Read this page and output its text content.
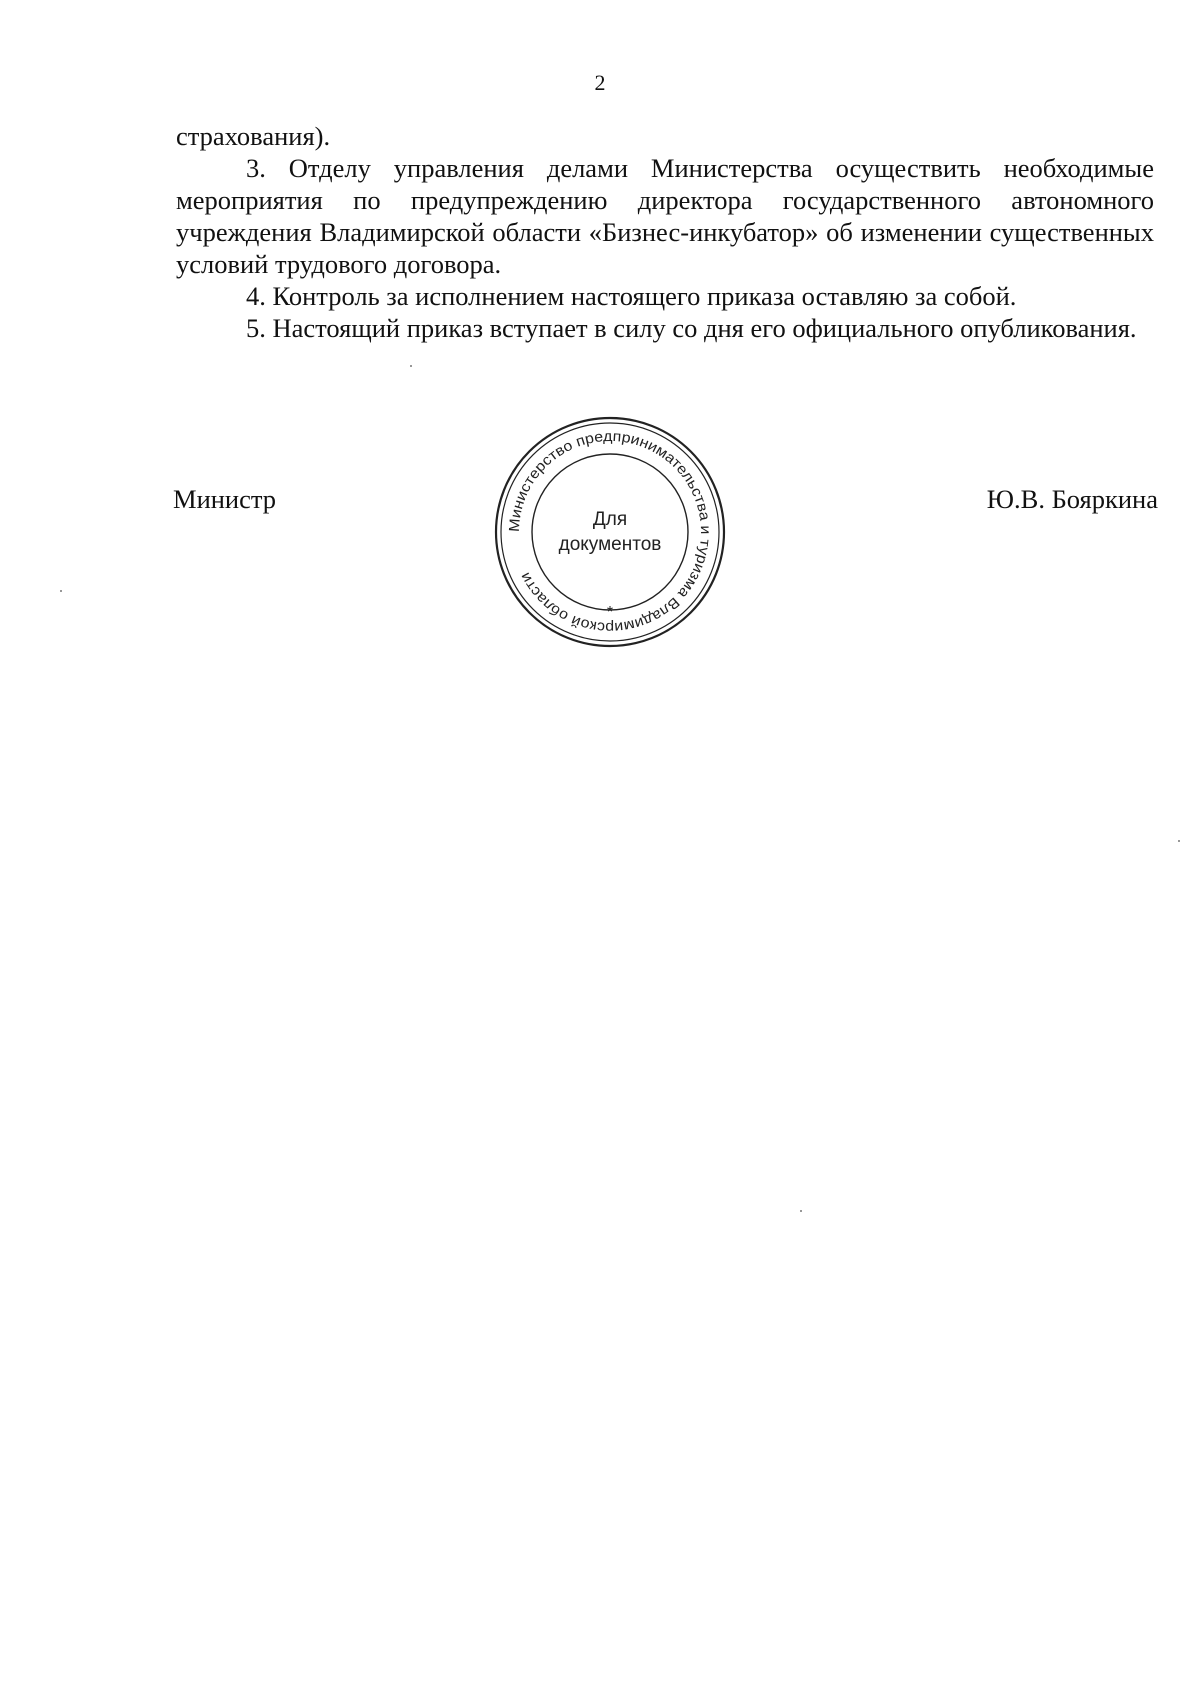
2

страхования).

3. Отделу управления делами Министерства осуществить необходимые мероприятия по предупреждению директора государственного автономного учреждения Владимирской области «Бизнес-инкубатор» об изменении существенных условий трудового договора.

4. Контроль за исполнением настоящего приказа оставляю за собой.

5. Настоящий приказ вступает в силу со дня его официального опубликования.

Министр
Министерство предпринимательства и туризма Владимирской области
*
Для
документов
Ю.В. Бояркина
